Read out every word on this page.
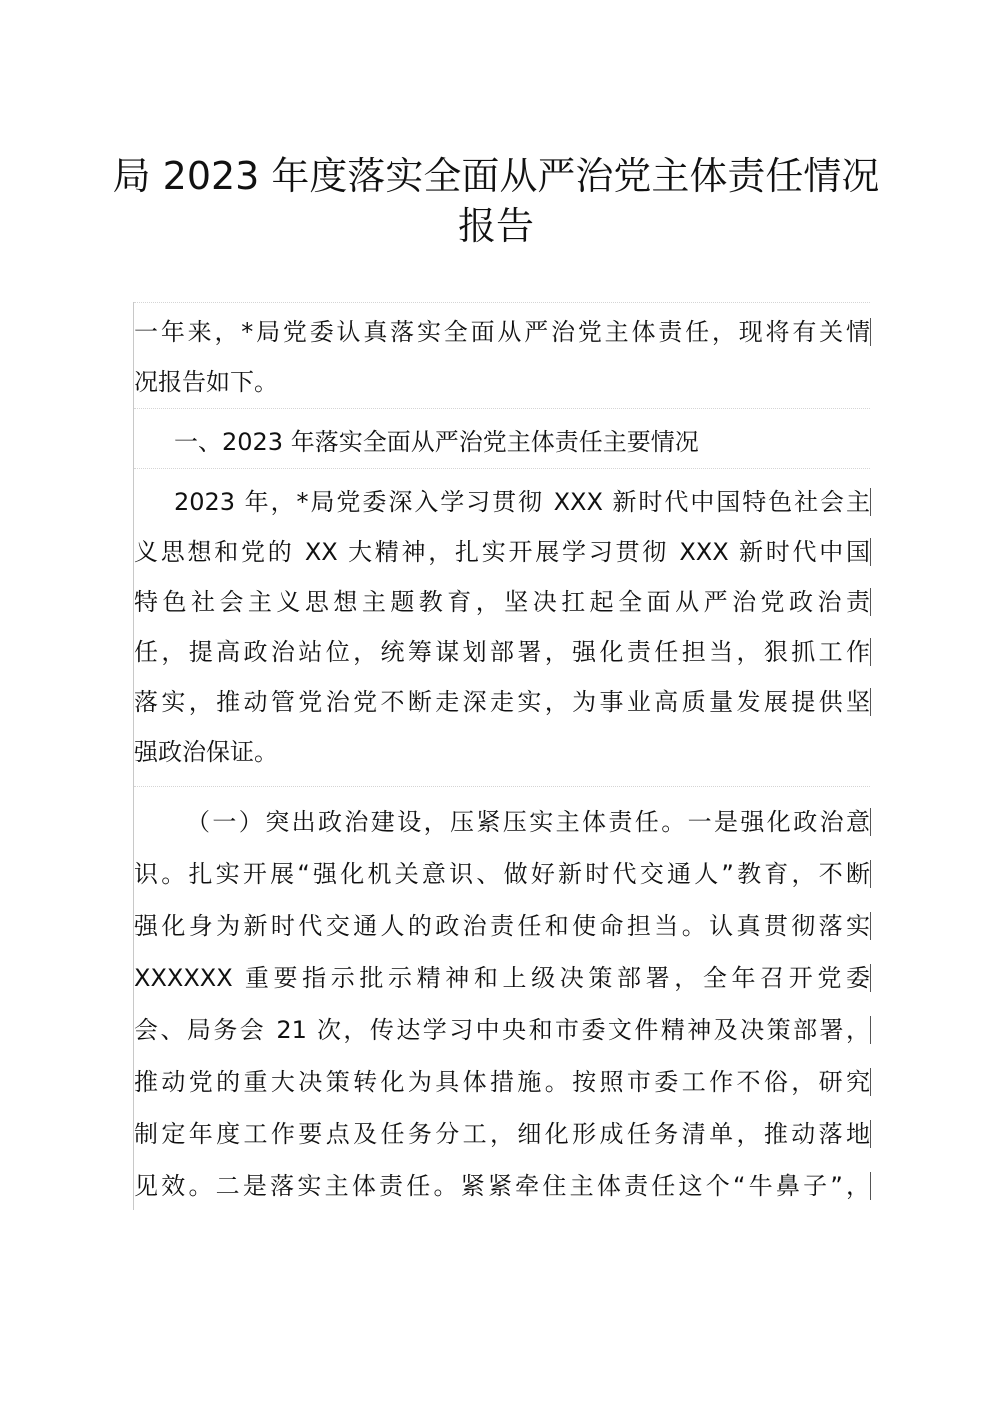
局 2023 年度落实全面从严治党主体责任情况
报告
一年来，*局党委认真落实全面从严治党主体责任，现将有关情
况报告如下。
一、2023 年落实全面从严治党主体责任主要情况
2023 年，*局党委深入学习贯彻 XXX 新时代中国特色社会主
义思想和党的 XX 大精神，扎实开展学习贯彻 XXX 新时代中国
特色社会主义思想主题教育，坚决扛起全面从严治党政治责
任，提高政治站位，统筹谋划部署，强化责任担当，狠抓工作
落实，推动管党治党不断走深走实，为事业高质量发展提供坚
强政治保证。
（一）突出政治建设，压紧压实主体责任。一是强化政治意
识。扎实开展“强化机关意识、做好新时代交通人”教育，不断
强化身为新时代交通人的政治责任和使命担当。认真贯彻落实
XXXXXX 重要指示批示精神和上级决策部署，全年召开党委
会、局务会 21 次，传达学习中央和市委文件精神及决策部署，
推动党的重大决策转化为具体措施。按照市委工作不俗，研究
制定年度工作要点及任务分工，细化形成任务清单，推动落地
见效。二是落实主体责任。紧紧牵住主体责任这个“牛鼻子”，
